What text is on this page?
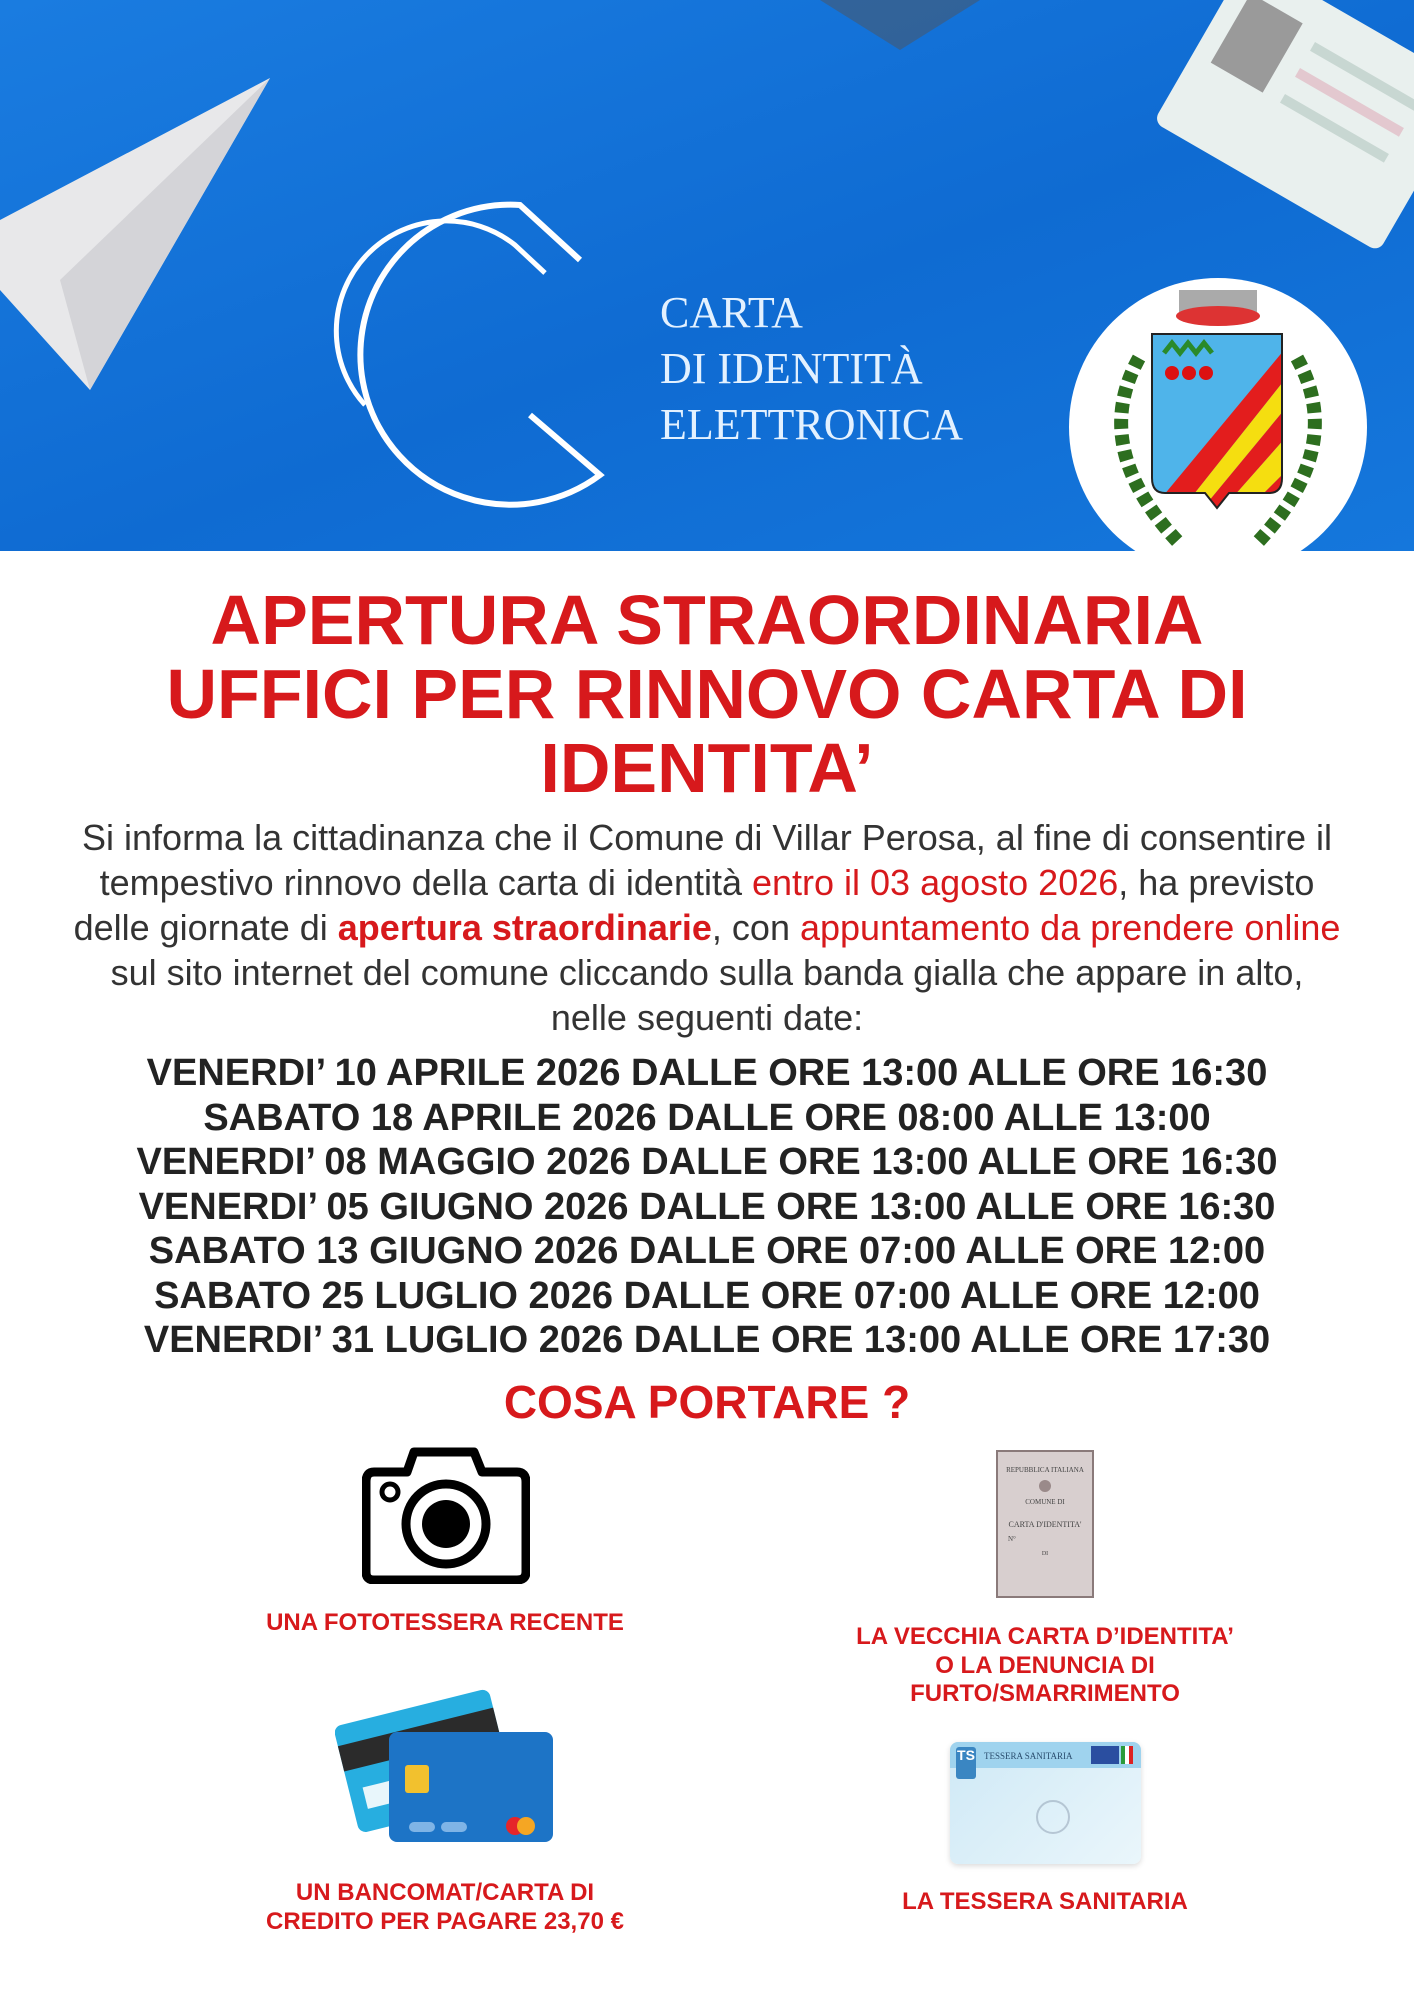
CARTA
DI IDENTITÀ
ELETTRONICA
APERTURA STRAORDINARIA
UFFICI PER RINNOVO CARTA DI
IDENTITA’
Si informa la cittadinanza che il Comune di Villar Perosa, al fine di consentire il tempestivo rinnovo della carta di identità entro il 03 agosto 2026, ha previsto delle giornate di apertura straordinarie, con appuntamento da prendere online sul sito internet del comune cliccando sulla banda gialla che appare in alto, nelle seguenti date:
VENERDI’ 10 APRILE 2026 DALLE ORE 13:00 ALLE ORE 16:30
SABATO 18 APRILE 2026 DALLE ORE 08:00 ALLE 13:00
VENERDI’ 08 MAGGIO 2026 DALLE ORE 13:00 ALLE ORE 16:30
VENERDI’ 05 GIUGNO 2026 DALLE ORE 13:00 ALLE ORE 16:30
SABATO 13 GIUGNO 2026 DALLE ORE 07:00 ALLE ORE 12:00
SABATO 25 LUGLIO 2026 DALLE ORE 07:00 ALLE ORE 12:00
VENERDI’ 31 LUGLIO 2026 DALLE ORE 13:00 ALLE ORE 17:30
COSA PORTARE ?
UNA FOTOTESSERA RECENTE
REPUBBLICA ITALIANA
COMUNE DI
CARTA D'IDENTITA'
N°
DI
LA VECCHIA CARTA D’IDENTITA’
O LA DENUNCIA DI
FURTO/SMARRIMENTO
UN BANCOMAT/CARTA DI
CREDITO PER PAGARE 23,70 €
TS TESSERA SANITARIA
LA TESSERA SANITARIA
